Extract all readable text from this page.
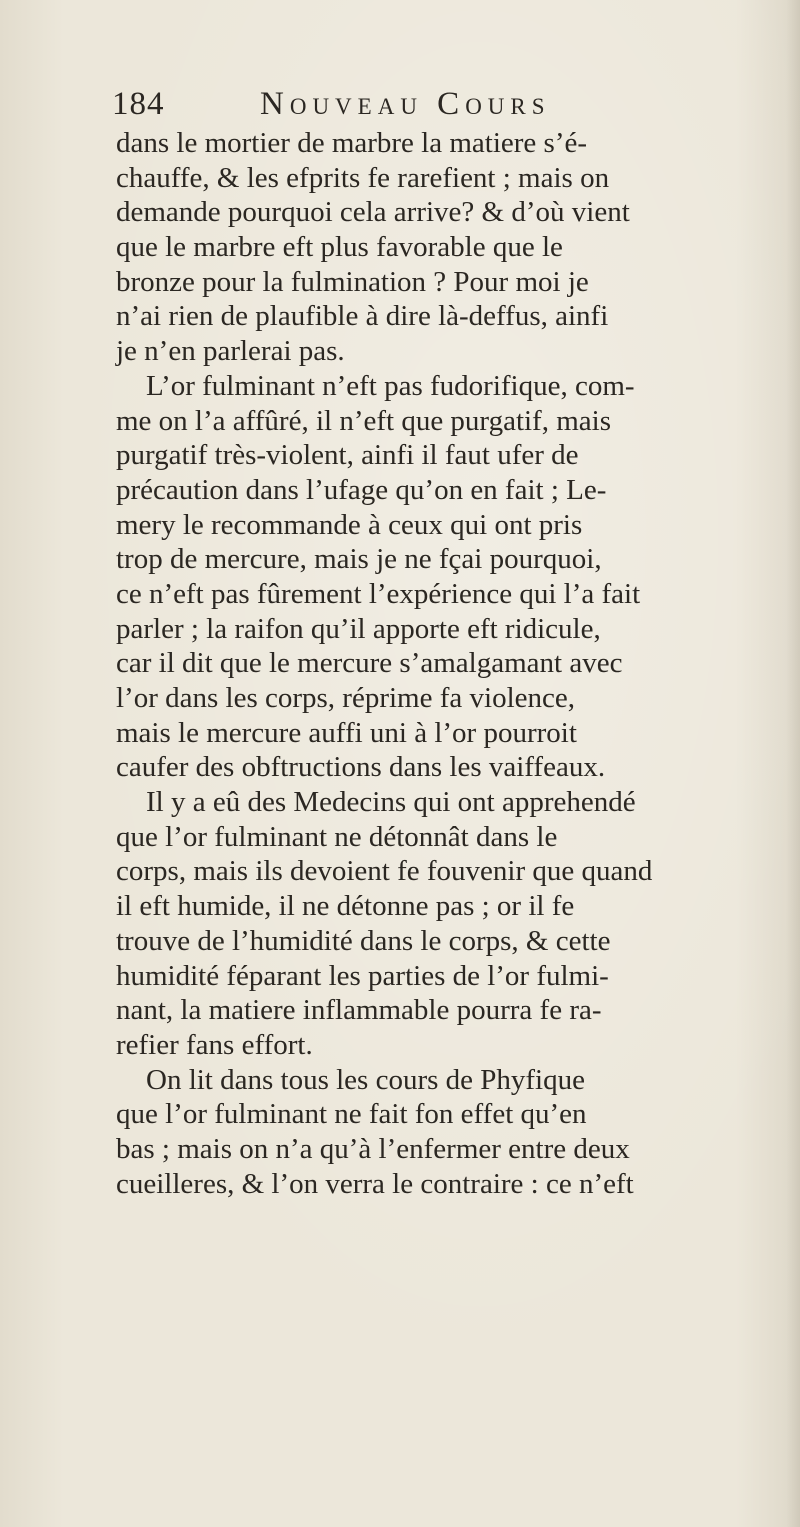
184	Nouveau Cours
dans le mortier de marbre la matiere s’é-
chauffe, & les efprits fe rarefient ; mais on
demande pourquoi cela arrive? & d’où vient
que le marbre eft plus favorable que le
bronze pour la fulmination ? Pour moi je
n’ai rien de plaufible à dire là-deffus, ainfi
je n’en parlerai pas.
L’or fulminant n’eft pas fudorifique, com-
me on l’a affûré, il n’eft que purgatif, mais
purgatif très-violent, ainfi il faut ufer de
précaution dans l’ufage qu’on en fait ; Le-
mery le recommande à ceux qui ont pris
trop de mercure, mais je ne fçai pourquoi,
ce n’eft pas fûrement l’expérience qui l’a fait
parler ; la raifon qu’il apporte eft ridicule,
car il dit que le mercure s’amalgamant avec
l’or dans les corps, réprime fa violence,
mais le mercure auffi uni à l’or pourroit
caufer des obftructions dans les vaiffeaux.
Il y a eû des Medecins qui ont apprehendé
que l’or fulminant ne détonnât dans le
corps, mais ils devoient fe fouvenir que quand
il eft humide, il ne détonne pas ; or il fe
trouve de l’humidité dans le corps, & cette
humidité féparant les parties de l’or fulmi-
nant, la matiere inflammable pourra fe ra-
refier fans effort.
On lit dans tous les cours de Phyfique
que l’or fulminant ne fait fon effet qu’en
bas ; mais on n’a qu’à l’enfermer entre deux
cueilleres, & l’on verra le contraire : ce n’eft
